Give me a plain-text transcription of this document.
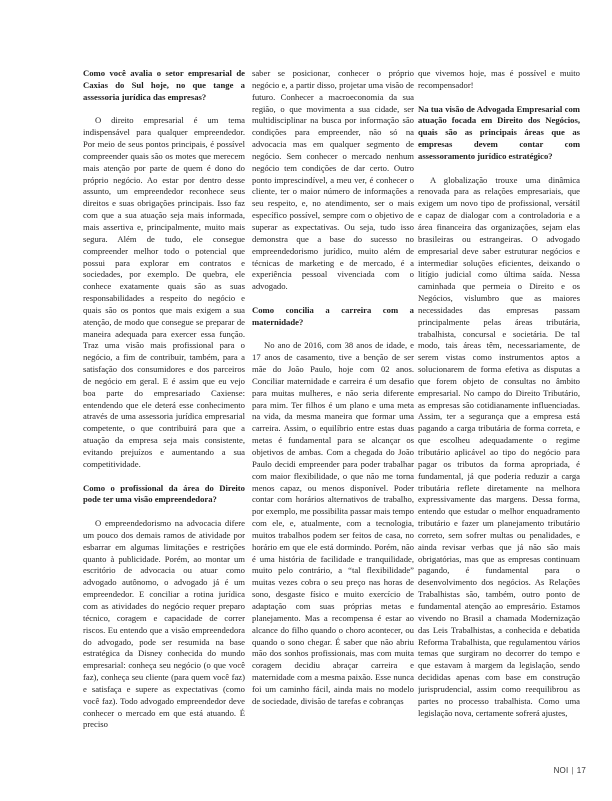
Como você avalia o setor empresarial de Caxias do Sul hoje, no que tange a assessoria jurídica das empresas?

O direito empresarial é um tema indispensável para qualquer empreendedor. Por meio de seus pontos principais, é possível compreender quais são os motes que merecem mais atenção por parte de quem é dono do próprio negócio. Ao estar por dentro desse assunto, um empreendedor reconhece seus direitos e suas obrigações principais. Isso faz com que a sua atuação seja mais informada, mais assertiva e, principalmente, muito mais segura. Além de tudo, ele consegue compreender melhor todo o potencial que possui para explorar em contratos e sociedades, por exemplo. De quebra, ele conhece exatamente quais são as suas responsabilidades a respeito do negócio e quais são os pontos que mais exigem a sua atenção, de modo que consegue se preparar de maneira adequada para exercer essa função. Traz uma visão mais profissional para o negócio, a fim de contribuir, também, para a satisfação dos consumidores e dos parceiros de negócio em geral. E é assim que eu vejo boa parte do empresariado Caxiense: entendendo que ele deterá esse conhecimento através de uma assessoria jurídica empresarial competente, o que contribuirá para que a atuação da empresa seja mais consistente, evitando prejuízos e aumentando a sua competitividade.

Como o profissional da área do Direito pode ter uma visão empreendedora?

O empreendedorismo na advocacia difere um pouco dos demais ramos de atividade por esbarrar em algumas limitações e restrições quanto à publicidade. Porém, ao montar um escritório de advocacia ou atuar como advogado autônomo, o advogado já é um empreendedor. E conciliar a rotina jurídica com as atividades do negócio requer preparo técnico, coragem e capacidade de correr riscos. Eu entendo que a visão empreendedora do advogado, pode ser resumida na base estratégica da Disney conhecida do mundo empresarial: conheça seu negócio (o que você faz), conheça seu cliente (para quem você faz) e satisfaça e supere as expectativas (como você faz). Todo advogado empreendedor deve conhecer o mercado em que está atuando. É preciso

saber se posicionar, conhecer o próprio negócio e, a partir disso, projetar uma visão de futuro. Conhecer a macroeconomia da sua região, o que movimenta a sua cidade, ser multidisciplinar na busca por informação são condições para empreender, não só na advocacia mas em qualquer segmento de negócio. Sem conhecer o mercado nenhum negócio tem condições de dar certo. Outro ponto imprescindível, a meu ver, é conhecer o cliente, ter o maior número de informações a seu respeito, e, no atendimento, ser o mais específico possível, sempre com o objetivo de superar as expectativas. Ou seja, tudo isso demonstra que a base do sucesso no empreendedorismo jurídico, muito além de técnicas de marketing e de mercado, é a experiência pessoal vivenciada com o advogado.

Como concilia a carreira com a maternidade?

No ano de 2016, com 38 anos de idade, e 17 anos de casamento, tive a benção de ser mãe do João Paulo, hoje com 02 anos. Conciliar maternidade e carreira é um desafio para muitas mulheres, e não seria diferente para mim. Ter filhos é um plano e uma meta na vida, da mesma maneira que formar uma carreira. Assim, o equilíbrio entre estas duas metas é fundamental para se alcançar os objetivos de ambas. Com a chegada do João Paulo decidi empreender para poder trabalhar com maior flexibilidade, o que não me torna menos capaz, ou menos disponível. Poder contar com horários alternativos de trabalho, por exemplo, me possibilita passar mais tempo com ele, e, atualmente, com a tecnologia, muitos trabalhos podem ser feitos de casa, no horário em que ele está dormindo. Porém, não é uma história de facilidade e tranquilidade, muito pelo contrário, a “tal flexibilidade” muitas vezes cobra o seu preço nas horas de sono, desgaste físico e muito exercício de adaptação com suas próprias metas e planejamento. Mas a recompensa é estar ao alcance do filho quando o choro acontecer, ou quando o sono chegar. É saber que não abriu mão dos sonhos profissionais, mas com muita coragem decidiu abraçar carreira e maternidade com a mesma paixão. Esse nunca foi um caminho fácil, ainda mais no modelo de sociedade, divisão de tarefas e cobranças

que vivemos hoje, mas é possível e muito recompensador!

Na tua visão de Advogada Empresarial com atuação focada em Direito dos Negócios, quais são as principais áreas que as empresas devem contar com assessoramento jurídico estratégico?

A globalização trouxe uma dinâmica renovada para as relações empresariais, que exigem um novo tipo de profissional, versátil e capaz de dialogar com a controladoria e a área financeira das organizações, sejam elas brasileiras ou estrangeiras. O advogado empresarial deve saber estruturar negócios e intermediar soluções eficientes, deixando o litígio judicial como última saída. Nessa caminhada que permeia o Direito e os Negócios, vislumbro que as maiores necessidades das empresas passam principalmente pelas áreas tributária, trabalhista, concursal e societária. De tal modo, tais áreas têm, necessariamente, de serem vistas como instrumentos aptos a solucionarem de forma efetiva as disputas a que forem objeto de consultas no âmbito empresarial. No campo do Direito Tributário, as empresas são cotidianamente influenciadas. Assim, ter a segurança que a empresa está pagando a carga tributária de forma correta, e que escolheu adequadamente o regime tributário aplicável ao tipo do negócio para pagar os tributos da forma apropriada, é fundamental, já que poderia reduzir a carga tributária reflete diretamente na melhora expressivamente das margens. Dessa forma, entendo que estudar o melhor enquadramento tributário e fazer um planejamento tributário correto, sem sofrer multas ou penalidades, e ainda revisar verbas que já não são mais obrigatórias, mas que as empresas continuam pagando, é fundamental para o desenvolvimento dos negócios. As Relações Trabalhistas são, também, outro ponto de fundamental atenção ao empresário. Estamos vivendo no Brasil a chamada Modernização das Leis Trabalhistas, a conhecida e debatida Reforma Trabalhista, que regulamentou vários temas que surgiram no decorrer do tempo e que estavam à margem da legislação, sendo decididas apenas com base em construção jurisprudencial, assim como reequilibrou as partes no processo trabalhista. Como uma legislação nova, certamente sofrerá ajustes,

NOI | 17
